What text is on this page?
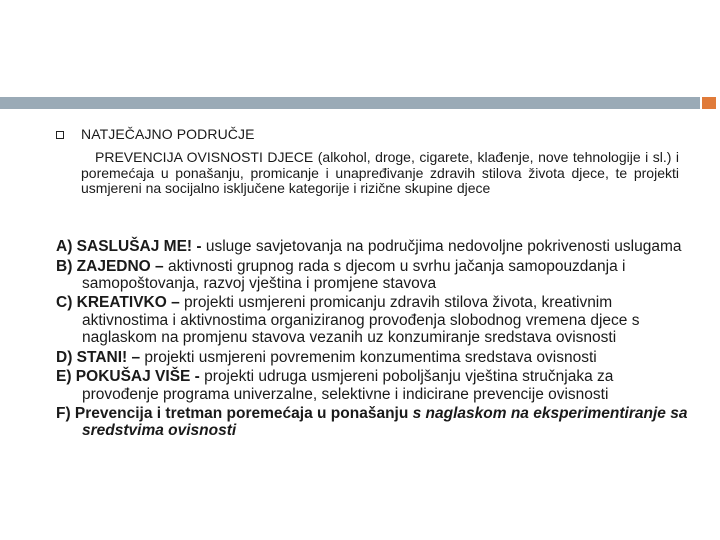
NATJEČAJNO PODRUČJE
PREVENCIJA OVISNOSTI DJECE (alkohol, droge, cigarete, klađenje, nove tehnologije i sl.) i poremećaja u ponašanju, promicanje i unapređivanje zdravih stilova života djece, te projekti usmjereni na socijalno isključene kategorije i rizične skupine djece

A) SASLUŠAJ ME! - usluge savjetovanja na područjima nedovoljne pokrivenosti uslugama

B) ZAJEDNO – aktivnosti grupnog rada s djecom u svrhu jačanja samopouzdanja i samopoštovanja, razvoj vještina i promjene stavova

C) KREATIVKO – projekti usmjereni promicanju zdravih stilova života, kreativnim aktivnostima i aktivnostima organiziranog provođenja slobodnog vremena djece s naglaskom na promjenu stavova vezanih uz konzumiranje sredstava ovisnosti

D) STANI! – projekti usmjereni povremenim konzumentima sredstava ovisnosti

E) POKUŠAJ VIŠE - projekti udruga usmjereni poboljšanju vještina stručnjaka za provođenje programa univerzalne, selektivne i indicirane prevencije ovisnosti

F) Prevencija i tretman poremećaja u ponašanju s naglaskom na eksperimentiranje sa sredstvima ovisnosti
